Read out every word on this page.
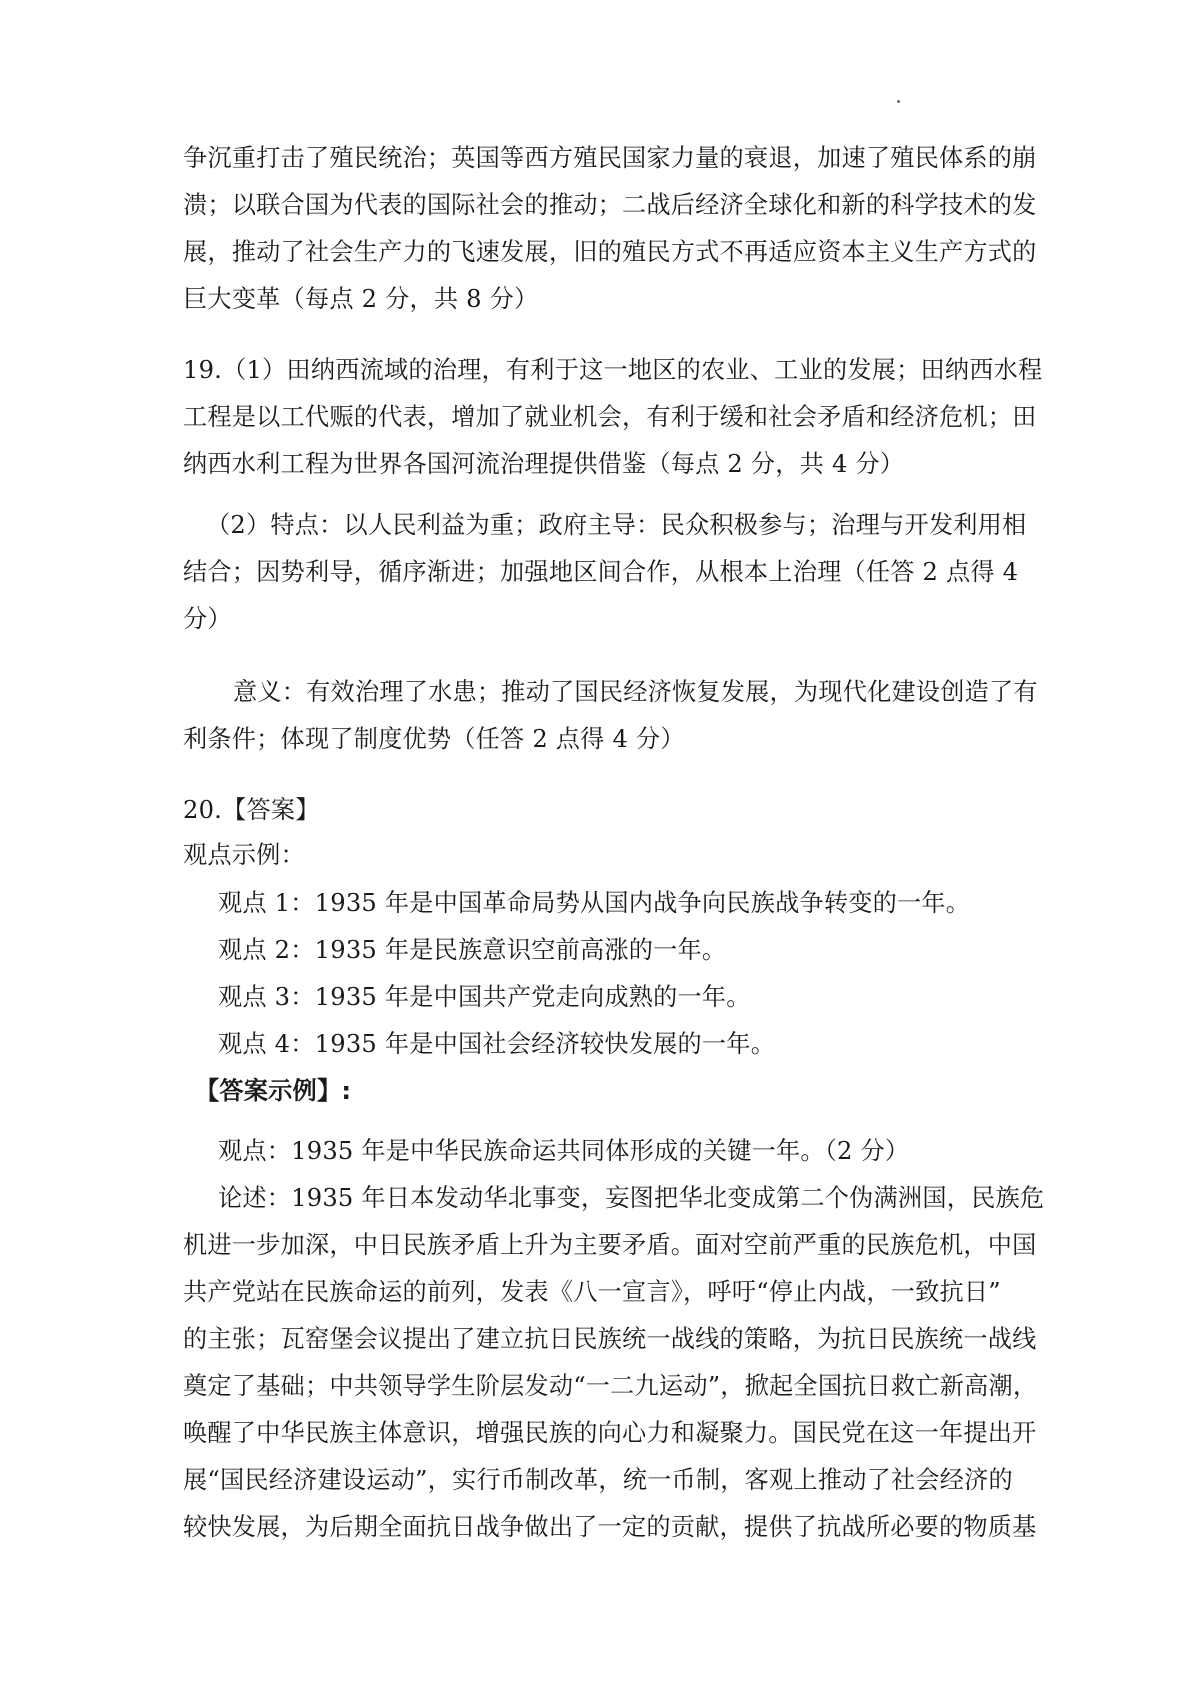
争沉重打击了殖民统治；英国等西方殖民国家力量的衰退，加速了殖民体系的崩
溃；以联合国为代表的国际社会的推动；二战后经济全球化和新的科学技术的发
展，推动了社会生产力的飞速发展，旧的殖民方式不再适应资本主义生产方式的
巨大变革（每点 2 分，共 8 分）
19.（1）田纳西流域的治理，有利于这一地区的农业、工业的发展；田纳西水程
工程是以工代赈的代表，增加了就业机会，有利于缓和社会矛盾和经济危机；田
纳西水利工程为世界各国河流治理提供借鉴（每点 2 分，共 4 分）
（2）特点：以人民利益为重；政府主导：民众积极参与；治理与开发利用相
结合；因势利导，循序渐进；加强地区间合作，从根本上治理（任答 2 点得 4
分）
意义：有效治理了水患；推动了国民经济恢复发展，为现代化建设创造了有
利条件；体现了制度优势（任答 2 点得 4 分）
20.【答案】
观点示例：
观点 1：1935 年是中国革命局势从国内战争向民族战争转变的一年。
观点 2：1935 年是民族意识空前高涨的一年。
观点 3：1935 年是中国共产党走向成熟的一年。
观点 4：1935 年是中国社会经济较快发展的一年。
【答案示例】:
观点：1935 年是中华民族命运共同体形成的关键一年。（2 分）
论述：1935 年日本发动华北事变，妄图把华北变成第二个伪满洲国，民族危
机进一步加深，中日民族矛盾上升为主要矛盾。面对空前严重的民族危机，中国
共产党站在民族命运的前列，发表《八一宣言》，呼吁“停止内战，一致抗日”
的主张；瓦窑堡会议提出了建立抗日民族统一战线的策略，为抗日民族统一战线
奠定了基础；中共领导学生阶层发动“一二九运动”，掀起全国抗日救亡新高潮，
唤醒了中华民族主体意识，增强民族的向心力和凝聚力。国民党在这一年提出开
展“国民经济建设运动”，实行币制改革，统一币制，客观上推动了社会经济的
较快发展，为后期全面抗日战争做出了一定的贡献，提供了抗战所必要的物质基
